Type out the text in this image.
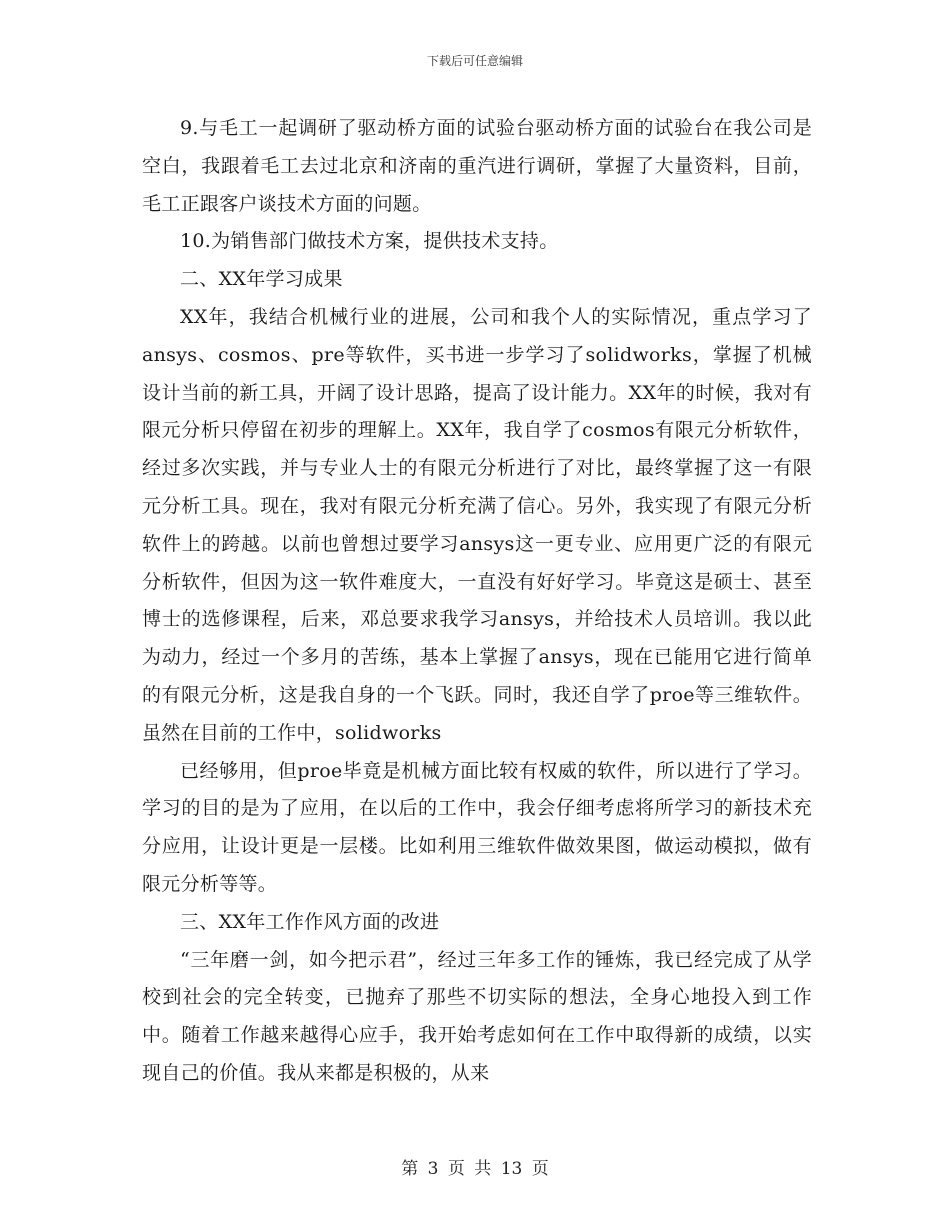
下载后可任意编辑

9.与毛工一起调研了驱动桥方面的试验台驱动桥方面的试验台在我公司是空白，我跟着毛工去过北京和济南的重汽进行调研，掌握了大量资料，目前，毛工正跟客户谈技术方面的问题。

10.为销售部门做技术方案，提供技术支持。

二、XX年学习成果

XX年，我结合机械行业的进展，公司和我个人的实际情况，重点学习了ansys、cosmos、pre等软件，买书进一步学习了solidworks，掌握了机械设计当前的新工具，开阔了设计思路，提高了设计能力。XX年的时候，我对有限元分析只停留在初步的理解上。XX年，我自学了cosmos有限元分析软件，经过多次实践，并与专业人士的有限元分析进行了对比，最终掌握了这一有限元分析工具。现在，我对有限元分析充满了信心。另外，我实现了有限元分析软件上的跨越。以前也曾想过要学习ansys这一更专业、应用更广泛的有限元分析软件，但因为这一软件难度大，一直没有好好学习。毕竟这是硕士、甚至博士的选修课程，后来，邓总要求我学习ansys，并给技术人员培训。我以此为动力，经过一个多月的苦练，基本上掌握了ansys，现在已能用它进行简单的有限元分析，这是我自身的一个飞跃。同时，我还自学了proe等三维软件。虽然在目前的工作中，solidworks

已经够用，但proe毕竟是机械方面比较有权威的软件，所以进行了学习。学习的目的是为了应用，在以后的工作中，我会仔细考虑将所学习的新技术充分应用，让设计更是一层楼。比如利用三维软件做效果图，做运动模拟，做有限元分析等等。

三、XX年工作作风方面的改进

“三年磨一剑，如今把示君”，经过三年多工作的锤炼，我已经完成了从学校到社会的完全转变，已抛弃了那些不切实际的想法，全身心地投入到工作中。随着工作越来越得心应手，我开始考虑如何在工作中取得新的成绩，以实现自己的价值。我从来都是积极的，从来

第 3 页 共 13 页
